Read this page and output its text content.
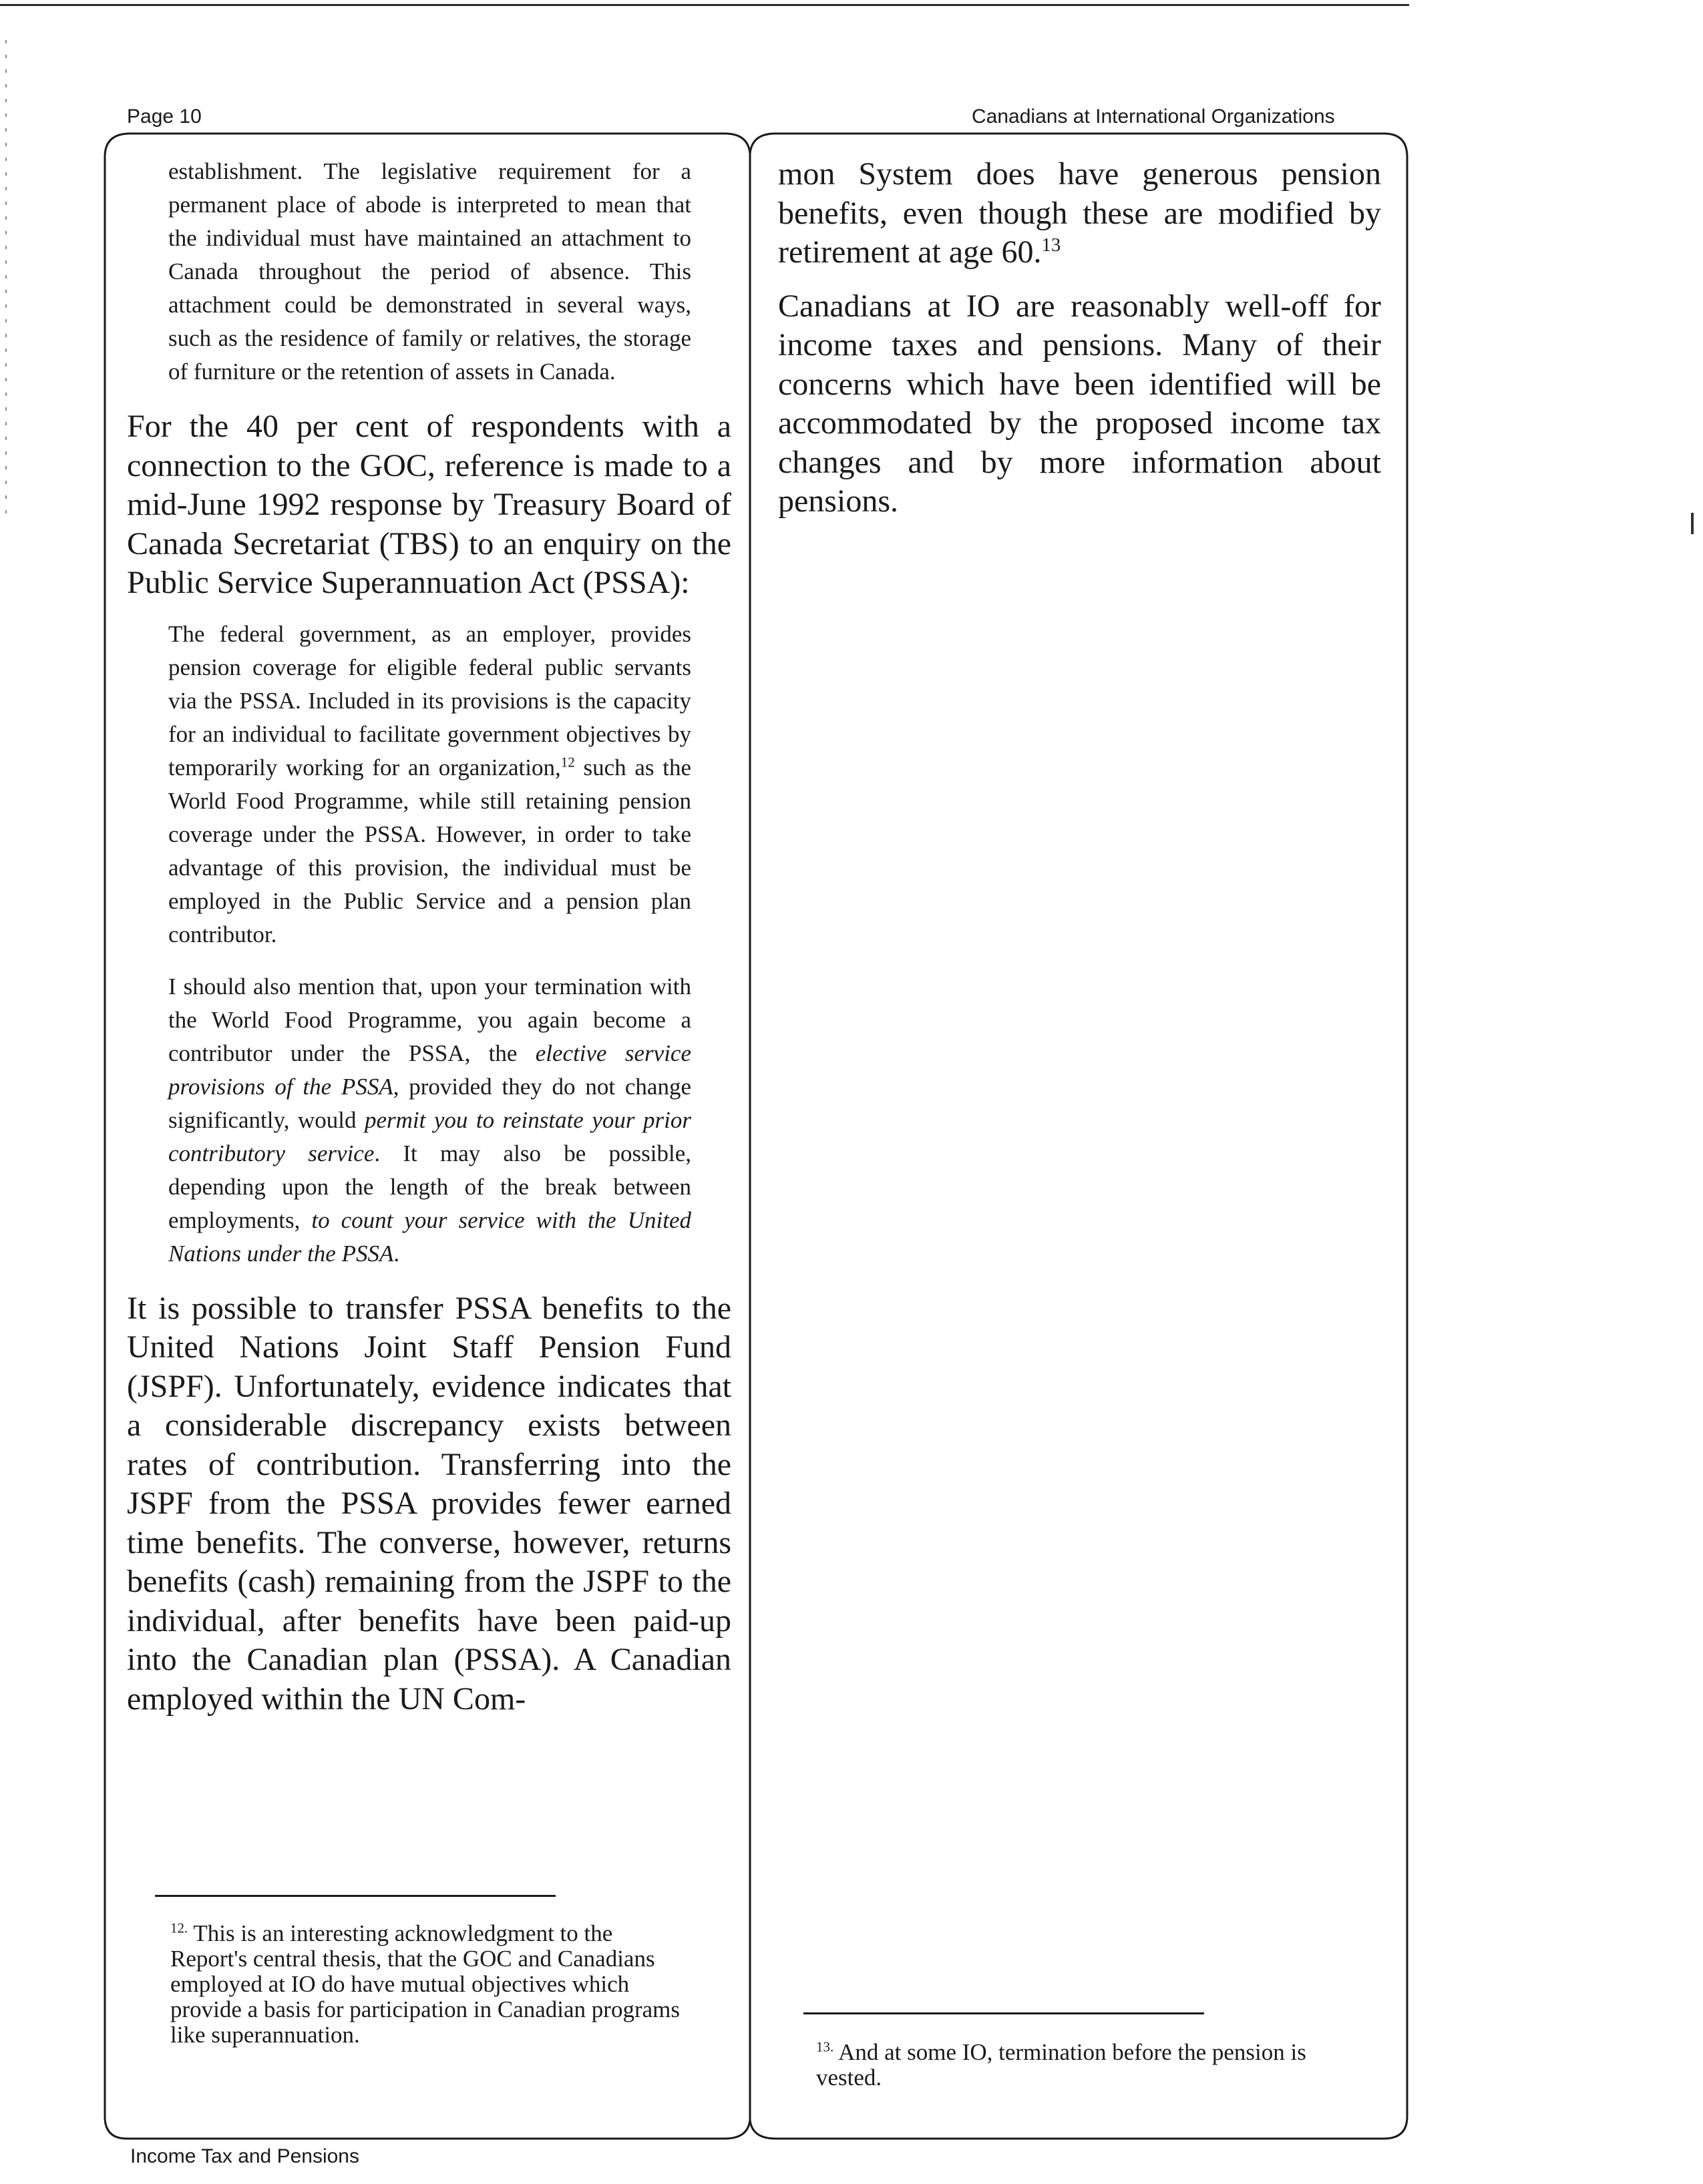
Page 10	Canadians at International Organizations

establishment. The legislative requirement for a permanent place of abode is interpreted to mean that the individual must have maintained an attachment to Canada throughout the period of absence. This attachment could be demonstrated in several ways, such as the residence of family or relatives, the storage of furniture or the retention of assets in Canada.

For the 40 per cent of respondents with a connection to the GOC, reference is made to a mid-June 1992 response by Treasury Board of Canada Secretariat (TBS) to an enquiry on the Public Service Superannuation Act (PSSA):

The federal government, as an employer, provides pension coverage for eligible federal public servants via the PSSA. Included in its provisions is the capacity for an individual to facilitate government objectives by temporarily working for an organization,$^{12}$ such as the World Food Programme, while still retaining pension coverage under the PSSA. However, in order to take advantage of this provision, the individual must be employed in the Public Service and a pension plan contributor.

I should also mention that, upon your termination with the World Food Programme, you again become a contributor under the PSSA, the elective service provisions of the PSSA, provided they do not change significantly, would permit you to reinstate your prior contributory service. It may also be possible, depending upon the length of the break between employments, to count your service with the United Nations under the PSSA.

It is possible to transfer PSSA benefits to the United Nations Joint Staff Pension Fund (JSPF). Unfortunately, evidence indicates that a considerable discrepancy exists between rates of contribution. Transferring into the JSPF from the PSSA provides fewer earned time benefits. The converse, however, returns benefits (cash) remaining from the JSPF to the individual, after benefits have been paid-up into the Canadian plan (PSSA). A Canadian employed within the UN Com-

$^{12.}$ This is an interesting acknowledgment to the Report's central thesis, that the GOC and Canadians employed at IO do have mutual objectives which provide a basis for participation in Canadian programs like superannuation.

mon System does have generous pension benefits, even though these are modified by retirement at age 60.13

Canadians at IO are reasonably well-off for income taxes and pensions. Many of their concerns which have been identified will be accommodated by the proposed income tax changes and by more information about pensions.

$^{13.}$ And at some IO, termination before the pension is vested.
Income Tax and Pensions
